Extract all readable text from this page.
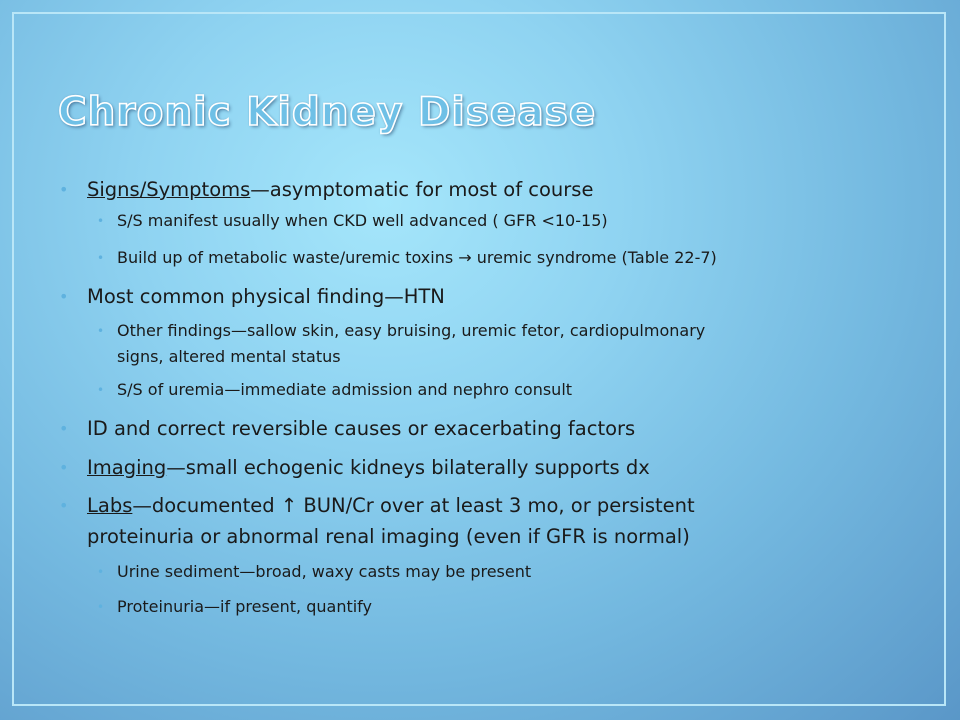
Chronic Kidney Disease

• Signs/Symptoms—asymptomatic for most of course

• S/S manifest usually when CKD well advanced ( GFR <10-15)

• Build up of metabolic waste/uremic toxins → uremic syndrome (Table 22-7)

• Most common physical finding—HTN

• Other findings—sallow skin, easy bruising, uremic fetor, cardiopulmonary
signs, altered mental status

• S/S of uremia—immediate admission and nephro consult

• ID and correct reversible causes or exacerbating factors

• Imaging—small echogenic kidneys bilaterally supports dx

• Labs—documented ↑ BUN/Cr over at least 3 mo, or persistent
proteinuria or abnormal renal imaging (even if GFR is normal)

• Urine sediment—broad, waxy casts may be present

• Proteinuria—if present, quantify
